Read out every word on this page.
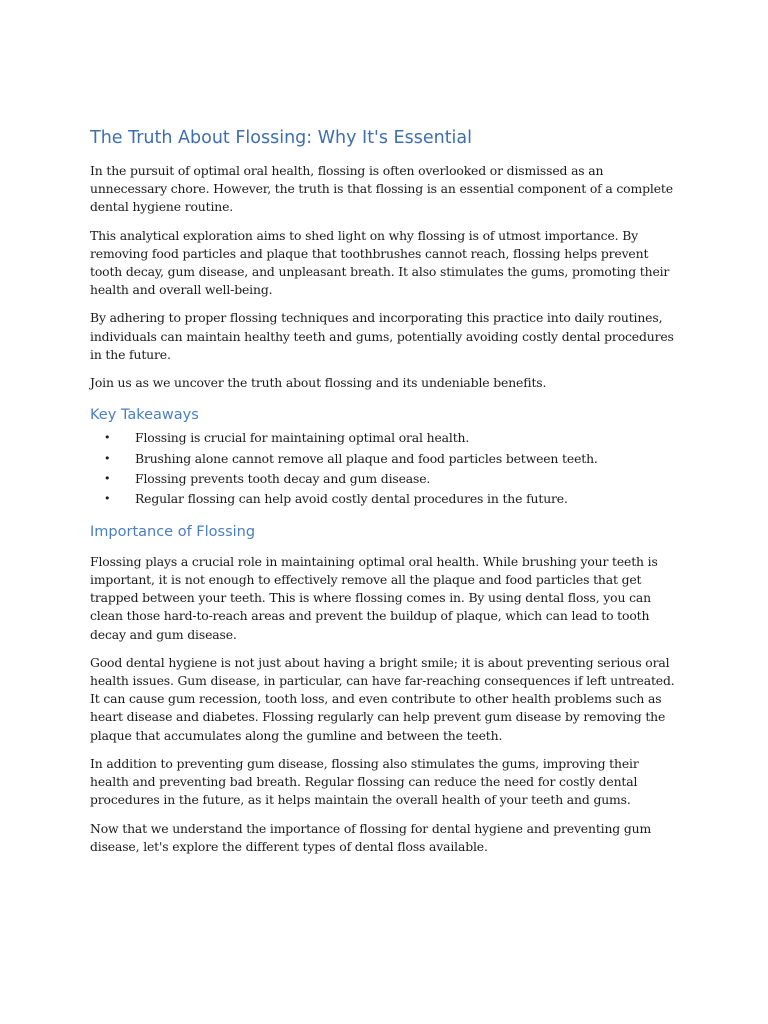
The Truth About Flossing: Why It's Essential

In the pursuit of optimal oral health, flossing is often overlooked or dismissed as an unnecessary chore. However, the truth is that flossing is an essential component of a complete dental hygiene routine.

This analytical exploration aims to shed light on why flossing is of utmost importance. By removing food particles and plaque that toothbrushes cannot reach, flossing helps prevent tooth decay, gum disease, and unpleasant breath. It also stimulates the gums, promoting their health and overall well-being.

By adhering to proper flossing techniques and incorporating this practice into daily routines, individuals can maintain healthy teeth and gums, potentially avoiding costly dental procedures in the future.

Join us as we uncover the truth about flossing and its undeniable benefits.

Key Takeaways
• Flossing is crucial for maintaining optimal oral health.
• Brushing alone cannot remove all plaque and food particles between teeth.
• Flossing prevents tooth decay and gum disease.
• Regular flossing can help avoid costly dental procedures in the future.
Importance of Flossing

Flossing plays a crucial role in maintaining optimal oral health. While brushing your teeth is important, it is not enough to effectively remove all the plaque and food particles that get trapped between your teeth. This is where flossing comes in. By using dental floss, you can clean those hard-to-reach areas and prevent the buildup of plaque, which can lead to tooth decay and gum disease.

Good dental hygiene is not just about having a bright smile; it is about preventing serious oral health issues. Gum disease, in particular, can have far-reaching consequences if left untreated. It can cause gum recession, tooth loss, and even contribute to other health problems such as heart disease and diabetes. Flossing regularly can help prevent gum disease by removing the plaque that accumulates along the gumline and between the teeth.

In addition to preventing gum disease, flossing also stimulates the gums, improving their health and preventing bad breath. Regular flossing can reduce the need for costly dental procedures in the future, as it helps maintain the overall health of your teeth and gums.

Now that we understand the importance of flossing for dental hygiene and preventing gum disease, let's explore the different types of dental floss available.
